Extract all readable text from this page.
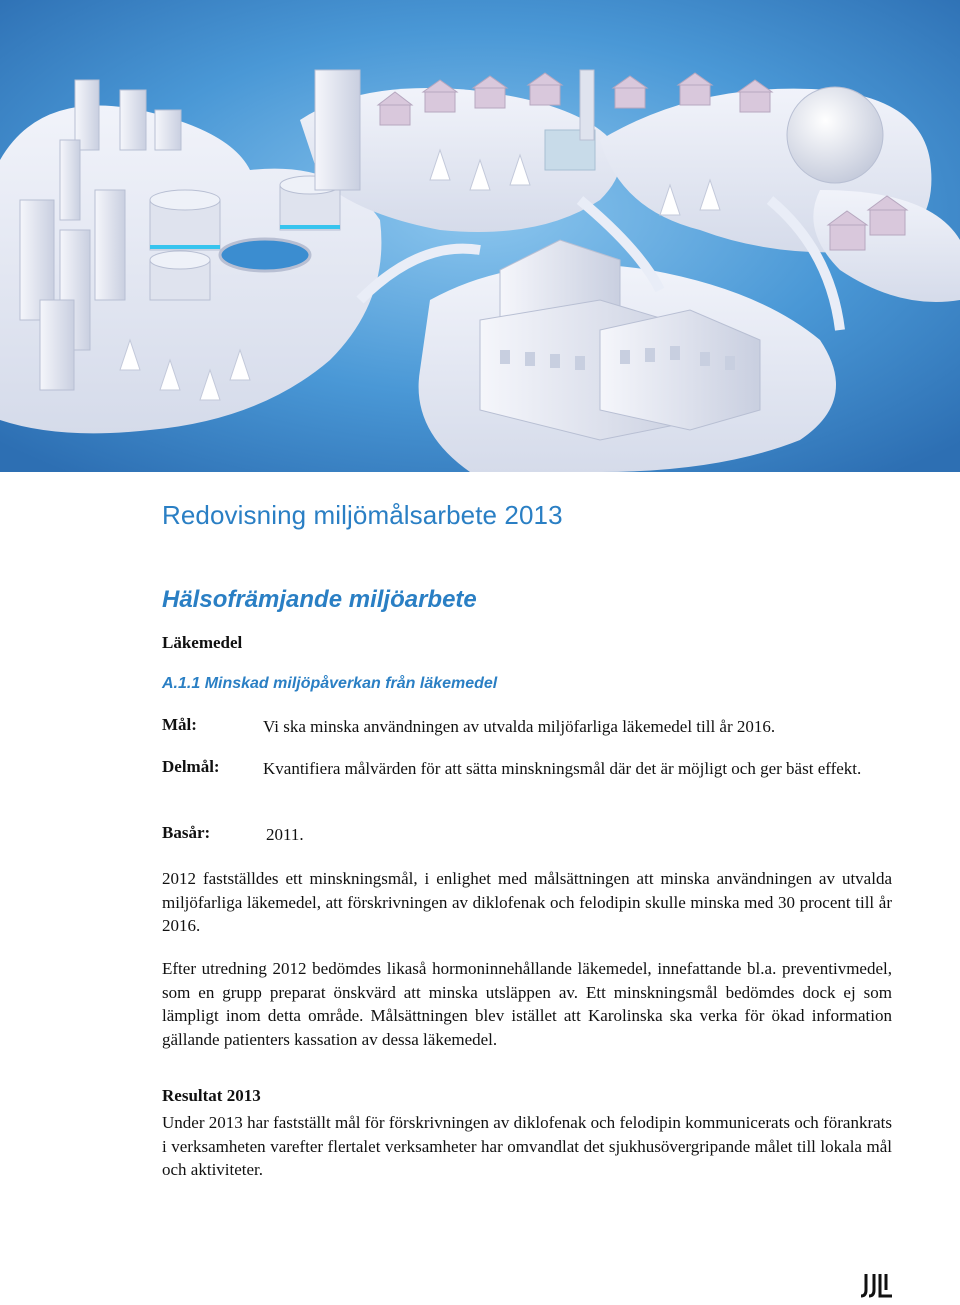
Redovisning miljömålsarbete 2013
Hälsofrämjande miljöarbete
Läkemedel
A.1.1 Minskad miljöpåverkan från läkemedel
Mål:	Vi ska minska användningen av utvalda miljöfarliga läkemedel till år 2016.
Delmål:	Kvantifiera målvärden för att sätta minskningsmål där det är möjligt och ger bäst effekt.
Basår:	2011.
2012 fastställdes ett minskningsmål, i enlighet med målsättningen att minska användningen av utvalda miljöfarliga läkemedel, att förskrivningen av diklofenak och felodipin skulle minska med 30 procent till år 2016.
Efter utredning 2012 bedömdes likaså hormoninnehållande läkemedel, innefattande bl.a. preventivmedel, som en grupp preparat önskvärd att minska utsläppen av. Ett minskningsmål bedömdes dock ej som lämpligt inom detta område. Målsättningen blev istället att Karolinska ska verka för ökad information gällande patienters kassation av dessa läkemedel.
Resultat 2013
Under 2013 har fastställt mål för förskrivningen av diklofenak och felodipin kommunicerats och förankrats i verksamheten varefter flertalet verksamheter har omvandlat det sjukhusövergripande målet till lokala mål och aktiviteter.
